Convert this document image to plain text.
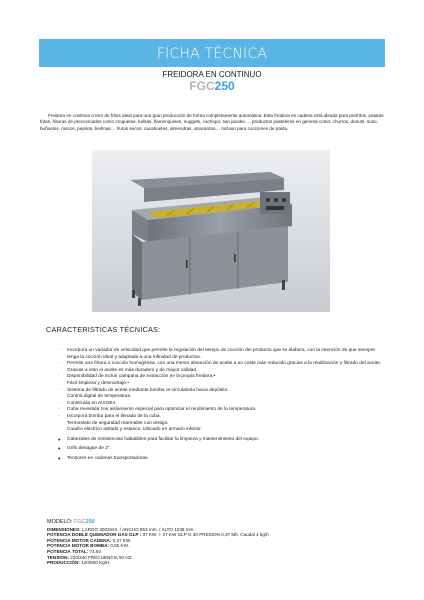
FICHA TÉCNICA
FREIDORA EN CONTINUO
FGC250

Freidora en continuo o tren de fritos ideal para una gran producción de forma completamente automática. Esta freidora en cadena está ideada para prefritos, patatas fritas, frituras de precocinados como croquetas, bolitas, flamenquines, nuggets, cachopo, san jacobo…, productos pasteleros en general como: churros, donuts, suso, buñuelos, roscos, pepitos, berlinas… frutos secos: cacahuetes, almendras, anacardos… Incluso para cocciones de pasta.

CARACTERISTICAS TÉCNICAS:
· Incorpora un variador de velocidad que permite la regulación del tiempo de cocción del producto que se elabora, con la intención de que siempre tenga la cocción ideal y adaptada a una infinidad de productos.
· Permite una fritura o cocción homogénea, con una menor absorción de aceite a un coste más reducido gracias a la reutilización y filtrado del aceite. Gracias a esto el aceite es más duradero y de mayor calidad.
· Disponibilidad de incluir campana de extracción en la propia freidora.•
· Fácil limpieza y desmontaje.•
· Sistema de filtrado de aceite mediante bomba re-circulatoria hacia depósito.
· Control digital de temperatura.
· Construida en AISI304.
· Cuba revestida con aislamiento especial para optimizar el rendimiento de la temperatura.
· Incorpora bomba para el llenado de la cuba.
· Termostato de seguridad rearmable con testigo.
· Cuadro eléctrico aislado y estanco. Ubicado en armario inferior.
• Cabezales de resistencias habatibles para facilitar la limpieza y mantenimiento del equipo.
• Grifo desagüe de 2”.
• Tensores en cadenas transportadoras.
MODELO: FGC250
DIMENSIONES: LARGO 3003mm. / ANCHO 953 mm. / ALTO 1238 mm.
POTENCIA DOBLE QUEMADOR GAS GLP : 37 KW. + 37 KW GLP G 30 PRESION 0,37 Mb. Caudal 4 kg/h
POTENCIA MOTOR CADENA: 0,37 KW.
POTENCIA MOTOR BOMBA: 0,55 KW.
POTENCIA TOTAL: 74,92
TENSION: 220/240 FRECUENCIA 50 HZ.
PRODUCCIÓN: 120/900 Kg/H.
